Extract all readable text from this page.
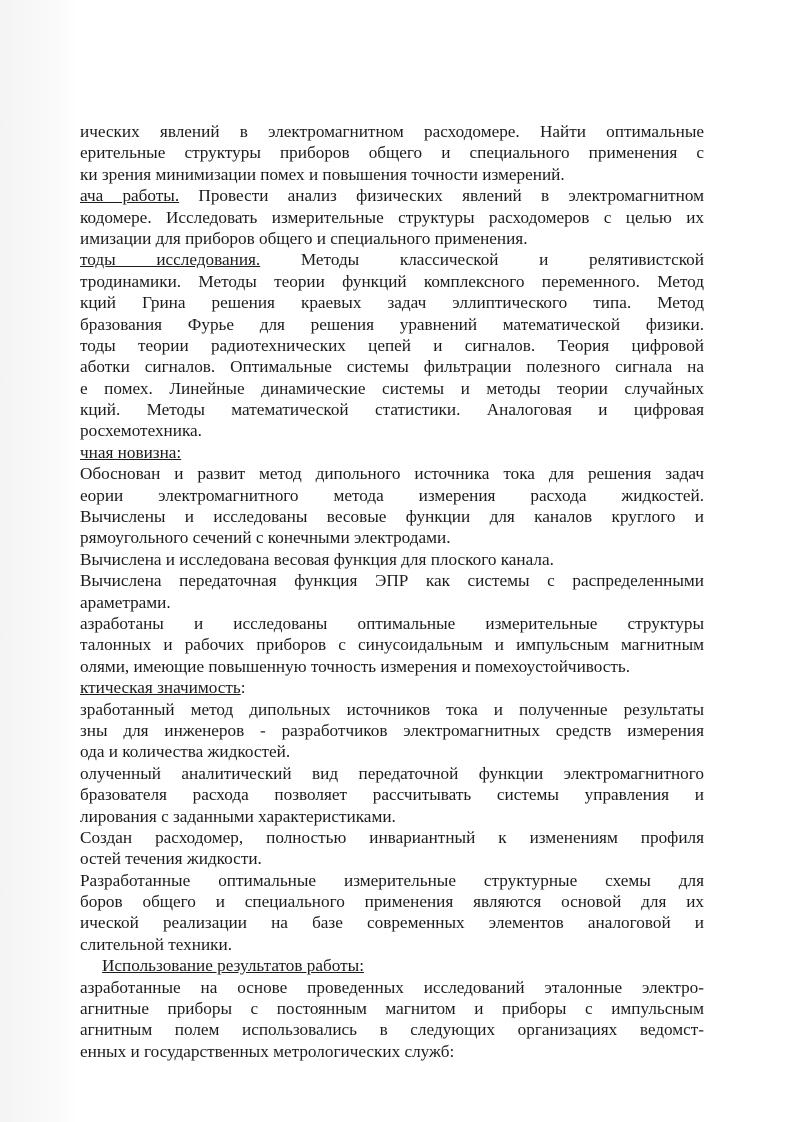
ических явлений в электромагнитном расходомере. Найти оптимальные
ерительные структуры приборов общего и специального применения с
ки зрения минимизации помех и повышения точности измерений.
ача работы. Провести анализ физических явлений в электромагнитном
кодомере. Исследовать измерительные структуры расходомеров с целью их
имизации для приборов общего и специального применения.
тоды исследования. Методы классической и релятивистской
тродинамики. Методы теории функций комплексного переменного. Метод
кций Грина решения краевых задач эллиптического типа. Метод
бразования Фурье для решения уравнений математической физики.
тоды теории радиотехнических цепей и сигналов. Теория цифровой
аботки сигналов. Оптимальные системы фильтрации полезного сигнала на
е помех. Линейные динамические системы и методы теории случайных
кций. Методы математической статистики. Аналоговая и цифровая
росхемотехника.
чная новизна:
Обоснован и развит метод дипольного источника тока для решения задач
еории электромагнитного метода измерения расхода жидкостей.
Вычислены и исследованы весовые функции для каналов круглого и
рямоугольного сечений с конечными электродами.
Вычислена и исследована весовая функция для плоского канала.
Вычислена передаточная функция ЭПР как системы с распределенными
араметрами.
азработаны и исследованы оптимальные измерительные структуры
талонных и рабочих приборов с синусоидальным и импульсным магнитным
олями, имеющие повышенную точность измерения и помехоустойчивость.
ктическая значимость:
зработанный метод дипольных источников тока и полученные результаты
зны для инженеров - разработчиков электромагнитных средств измерения
ода и количества жидкостей.
олученный аналитический вид передаточной функции электромагнитного
бразователя расхода позволяет рассчитывать системы управления и
лирования с заданными характеристиками.
Создан расходомер, полностью инвариантный к изменениям профиля
остей течения жидкости.
Разработанные оптимальные измерительные структурные схемы для
боров общего и специального применения являются основой для их
ической реализации на базе современных элементов аналоговой и
слительной техники.
Использование результатов работы:
азработанные на основе проведенных исследований эталонные электро-
агнитные приборы с постоянным магнитом и приборы с импульсным
агнитным полем использовались в следующих организациях ведомст-
енных и государственных метрологических служб:
